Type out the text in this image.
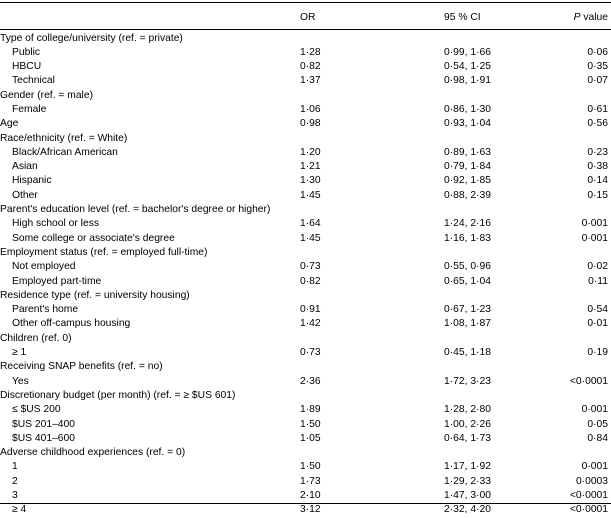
OR	95 % CI	P value
Type of college/university (ref. = private)
Public	1·28	0·99, 1·66	0·06
HBCU	0·82	0·54, 1·25	0·35
Technical	1·37	0·98, 1·91	0·07
Gender (ref. = male)
Female	1·06	0·86, 1·30	0·61
Age	0·98	0·93, 1·04	0·56
Race/ethnicity (ref. = White)
Black/African American	1·20	0·89, 1·63	0·23
Asian	1·21	0·79, 1·84	0·38
Hispanic	1·30	0·92, 1·85	0·14
Other	1·45	0·88, 2·39	0·15
Parent's education level (ref. = bachelor's degree or higher)
High school or less	1·64	1·24, 2·16	0·001
Some college or associate's degree	1·45	1·16, 1·83	0·001
Employment status (ref. = employed full-time)
Not employed	0·73	0·55, 0·96	0·02
Employed part-time	0·82	0·65, 1·04	0·11
Residence type (ref. = university housing)
Parent's home	0·91	0·67, 1·23	0·54
Other off-campus housing	1·42	1·08, 1·87	0·01
Children (ref. 0)
≥ 1	0·73	0·45, 1·18	0·19
Receiving SNAP benefits (ref. = no)
Yes	2·36	1·72, 3·23	<0·0001
Discretionary budget (per month) (ref. = ≥ $US 601)
≤ $US 200	1·89	1·28, 2·80	0·001
$US 201–400	1·50	1·00, 2·26	0·05
$US 401–600	1·05	0·64, 1·73	0·84
Adverse childhood experiences (ref. = 0)
1	1·50	1·17, 1·92	0·001
2	1·73	1·29, 2·33	0·0003
3	2·10	1·47, 3·00	<0·0001
≥ 4	3·12	2·32, 4·20	<0·0001
